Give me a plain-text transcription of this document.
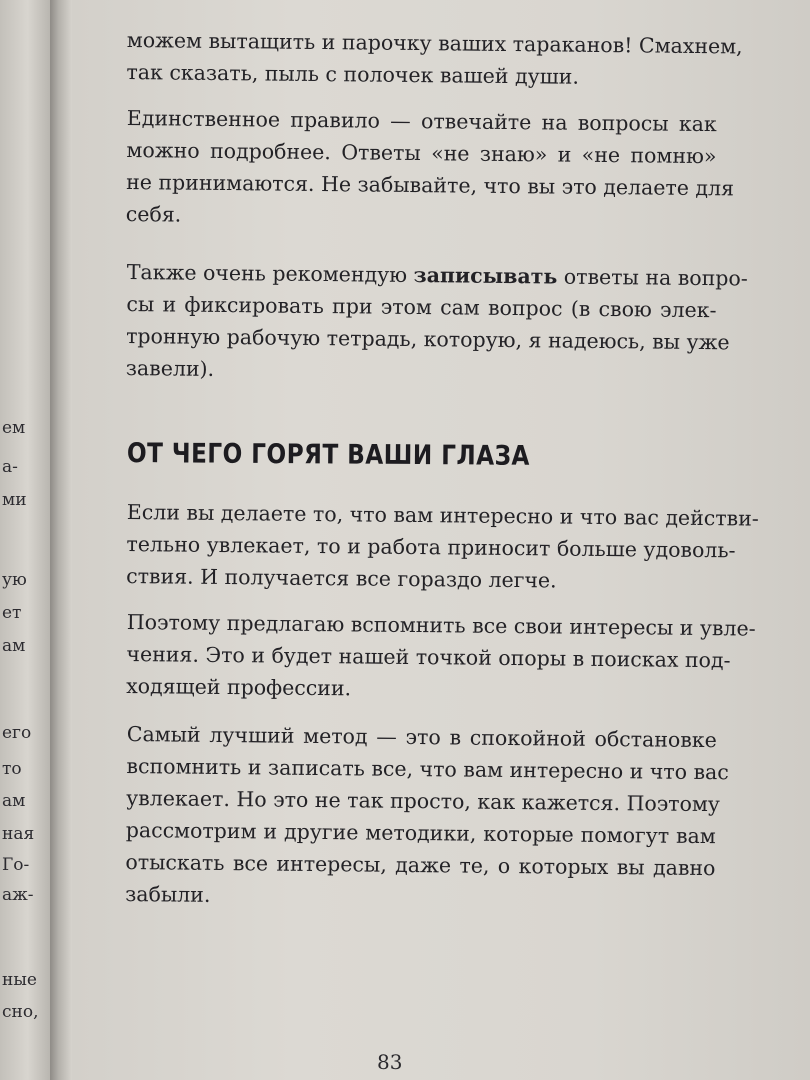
ем
а-
ми
ую
ет
ам
его
то
ам
ная
Го-
аж-
ные
сно,

можем вытащить и парочку ваших тараканов! Смахнем,
так сказать, пыль с полочек вашей души.

Единственное правило — отвечайте на вопросы как
можно подробнее. Ответы «не знаю» и «не помню»
не принимаются. Не забывайте, что вы это делаете для
себя.

Также очень рекомендую записывать ответы на вопро-
сы и фиксировать при этом сам вопрос (в свою элек-
тронную рабочую тетрадь, которую, я надеюсь, вы уже
завели).

ОТ ЧЕГО ГОРЯТ ВАШИ ГЛАЗА

Если вы делаете то, что вам интересно и что вас действи-
тельно увлекает, то и работа приносит больше удоволь-
ствия. И получается все гораздо легче.

Поэтому предлагаю вспомнить все свои интересы и увле-
чения. Это и будет нашей точкой опоры в поисках под-
ходящей профессии.

Самый лучший метод — это в спокойной обстановке
вспомнить и записать все, что вам интересно и что вас
увлекает. Но это не так просто, как кажется. Поэтому
рассмотрим и другие методики, которые помогут вам
отыскать все интересы, даже те, о которых вы давно
забыли.

83
